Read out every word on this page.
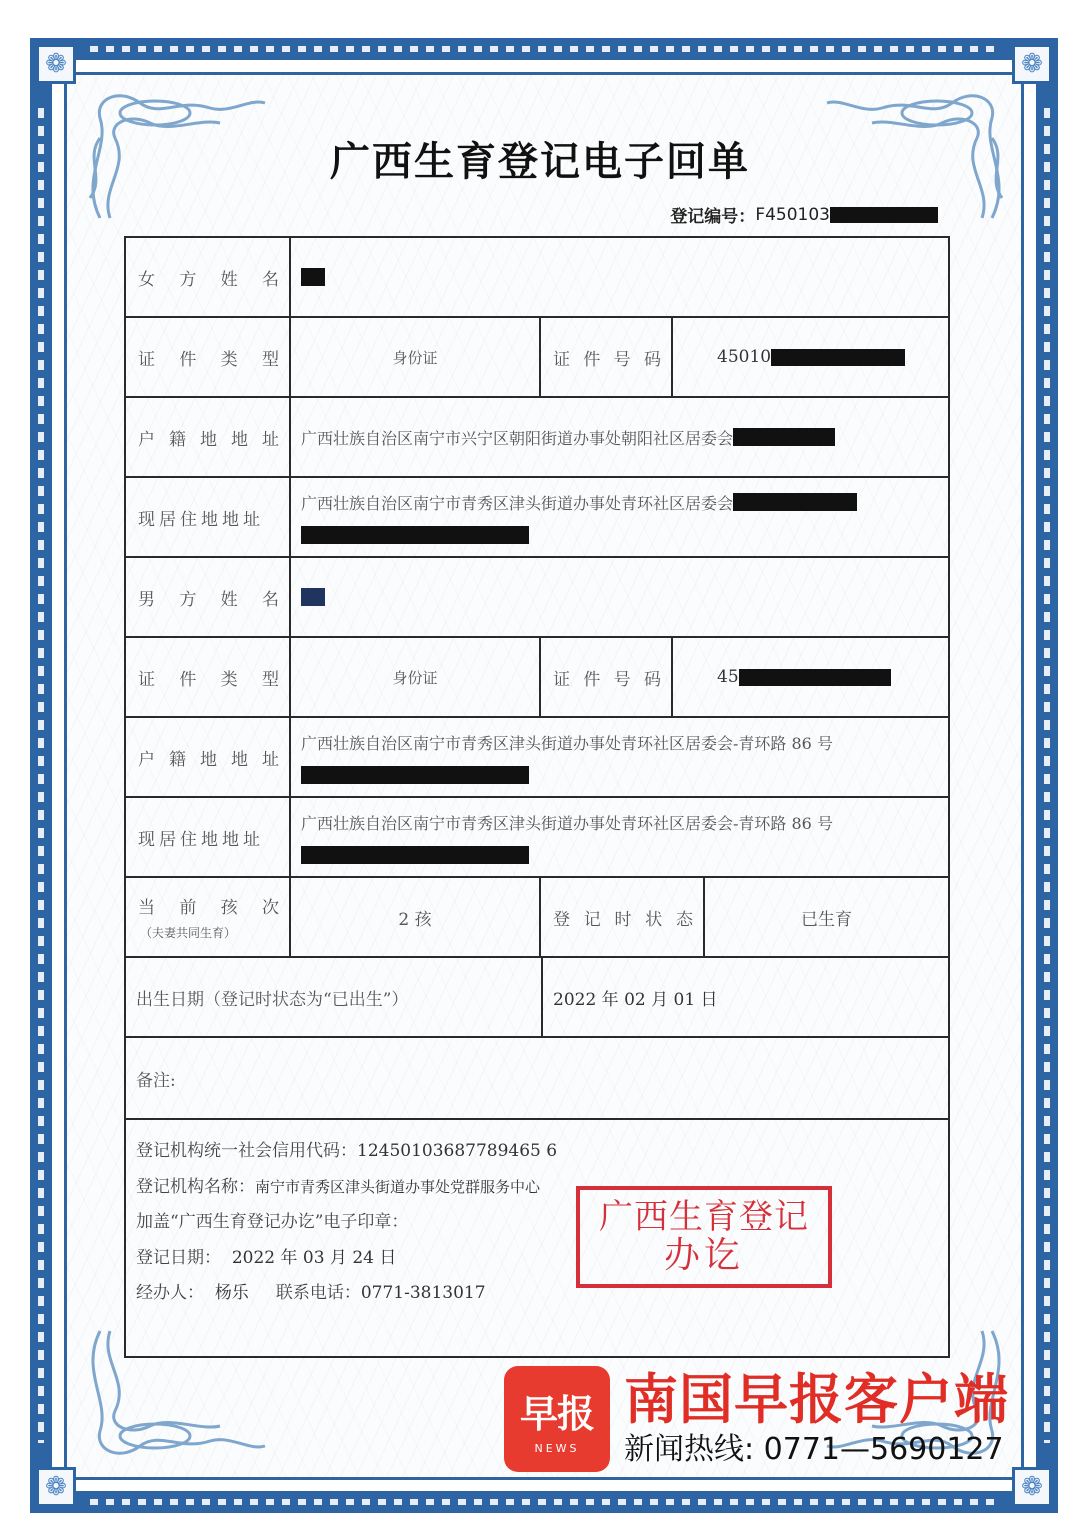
❁	❁
❁	❁
广西生育登记电子回单
登记编号： F450103
女 方 姓 名
证 件 类 型	身份证	证 件 号 码	45010
户 籍 地 地 址 广西壮族自治区南宁市兴宁区朝阳街道办事处朝阳社区居委会
现居住地地址
广西壮族自治区南宁市青秀区津头街道办事处青环社区居委会
男 方 姓 名
证 件 类 型	身份证	证 件 号 码	45
户 籍 地 地 址
广西壮族自治区南宁市青秀区津头街道办事处青环社区居委会-青环路 86 号
现居住地地址
广西壮族自治区南宁市青秀区津头街道办事处青环社区居委会-青环路 86 号
当 前 孩 次
（夫妻共同生育）
2 孩	登 记 时 状 态	已生育
出生日期（登记时状态为“已出生”）	2022 年 02 月 01 日
备注:

登记机构统一社会信用代码：12450103687789465 6

登记机构名称：南宁市青秀区津头街道办事处党群服务中心

加盖“广西生育登记办讫”电子印章：

登记日期： 2022 年 03 月 24 日

经办人： 杨乐 联系电话：0771-3813017

广西生育登记
办讫
早报
NEWS
南国早报客户端
新闻热线: 0771—5690127
